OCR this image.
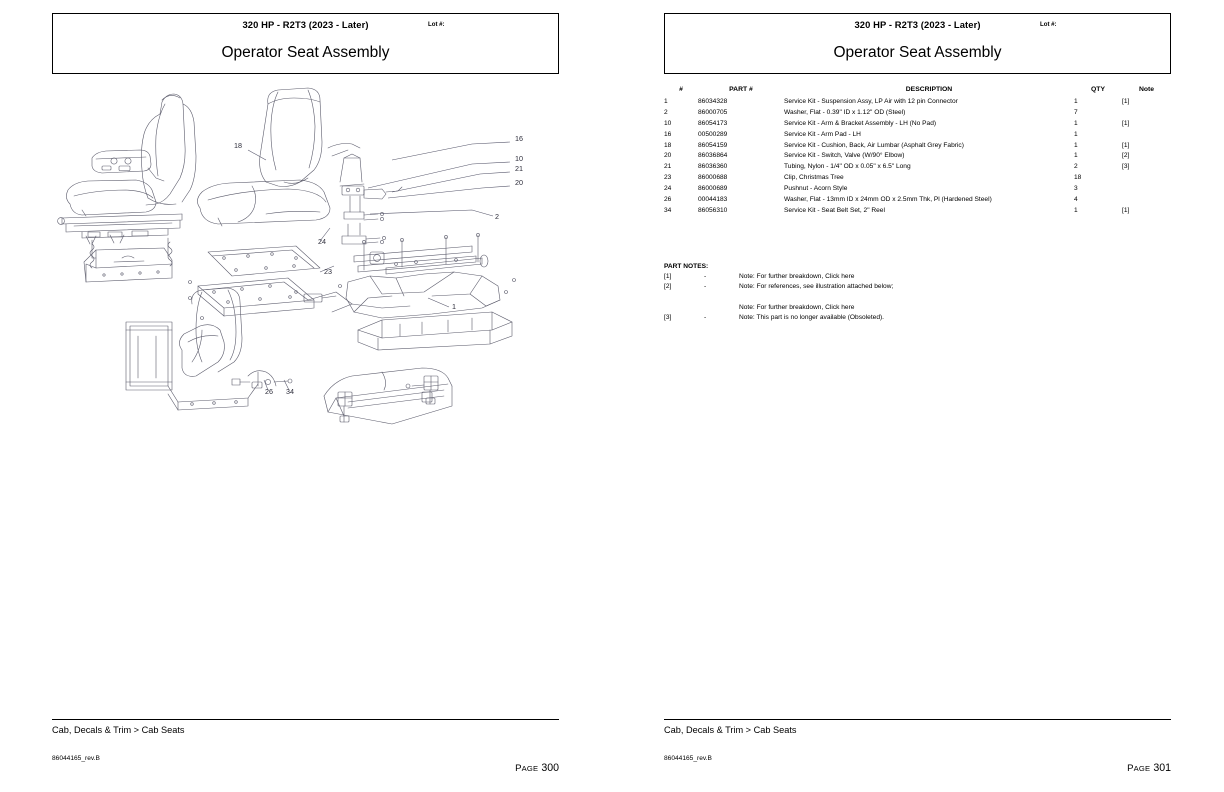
320 HP - R2T3 (2023 - Later)	Lot #:
Operator Seat Assembly
18
16
10
21
20
2
24
23
1
26 34
Cab, Decals & Trim > Cab Seats
86044165_rev.B
PAGE 300
320 HP - R2T3 (2023 - Later)	Lot #:
Operator Seat Assembly
#	PART #	DESCRIPTION	QTY	Note
1	86034328	Service Kit - Suspension Assy, LP Air with 12 pin Connector	1	[1]
2	86000705	Washer, Flat - 0.39" ID x 1.12" OD (Steel)	7	
10	86054173	Service Kit - Arm & Bracket Assembly - LH (No Pad)	1	[1]
16	00500289	Service Kit - Arm Pad - LH	1	
18	86054159	Service Kit - Cushion, Back, Air Lumbar (Asphalt Grey Fabric)	1	[1]
20	86036864	Service Kit - Switch, Valve (W/90° Elbow)	1	[2]
21	86036360	Tubing, Nylon - 1/4" OD x 0.05" x 6.5" Long	2	[3]
23	86000688	Clip, Christmas Tree	18	
24	86000689	Pushnut - Acorn Style	3	
26	00044183	Washer, Flat - 13mm ID x 24mm OD x 2.5mm Thk, Pl (Hardened Steel)	4	
34	86056310	Service Kit - Seat Belt Set, 2" Reel	1	[1]
PART NOTES:
[1]	-	Note: For further breakdown, Click here
[2]	-	Note: For references, see illustration attached below;
Note: For further breakdown, Click here
[3]	-	Note: This part is no longer available (Obsoleted).
Cab, Decals & Trim > Cab Seats
86044165_rev.B
PAGE 301
